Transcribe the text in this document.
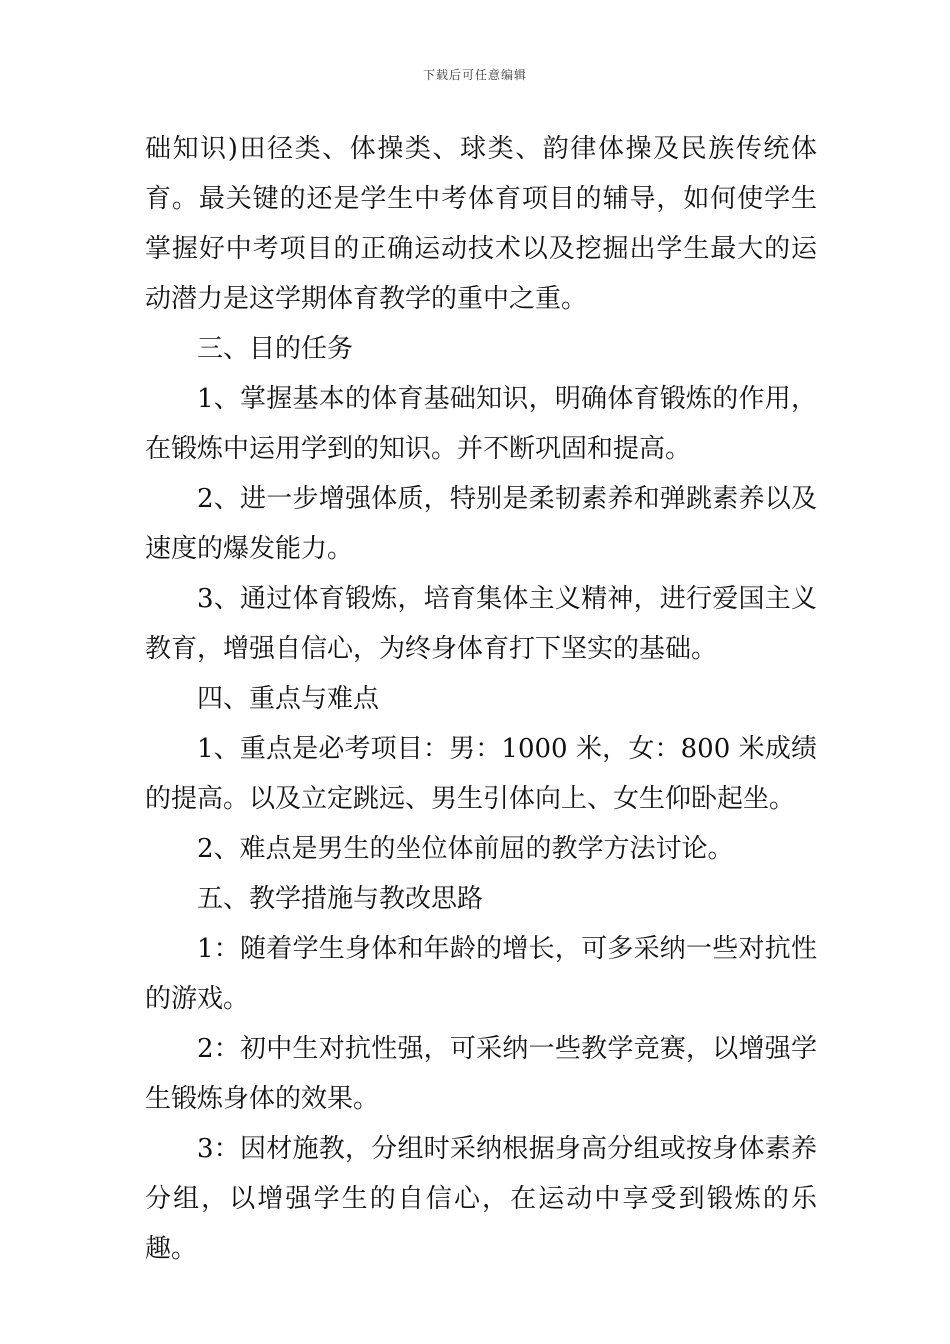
下载后可任意编辑

础知识)田径类、体操类、球类、韵律体操及民族传统体育。最关键的还是学生中考体育项目的辅导，如何使学生掌握好中考项目的正确运动技术以及挖掘出学生最大的运动潜力是这学期体育教学的重中之重。

三、目的任务

1、掌握基本的体育基础知识，明确体育锻炼的作用，在锻炼中运用学到的知识。并不断巩固和提高。

2、进一步增强体质，特别是柔韧素养和弹跳素养以及速度的爆发能力。

3、通过体育锻炼，培育集体主义精神，进行爱国主义教育，增强自信心，为终身体育打下坚实的基础。

四、重点与难点

1、重点是必考项目：男：1000 米，女：800 米成绩的提高。以及立定跳远、男生引体向上、女生仰卧起坐。

2、难点是男生的坐位体前屈的教学方法讨论。

五、教学措施与教改思路

1：随着学生身体和年龄的增长，可多采纳一些对抗性的游戏。

2：初中生对抗性强，可采纳一些教学竞赛，以增强学生锻炼身体的效果。

3：因材施教，分组时采纳根据身高分组或按身体素养分组，以增强学生的自信心，在运动中享受到锻炼的乐趣。
